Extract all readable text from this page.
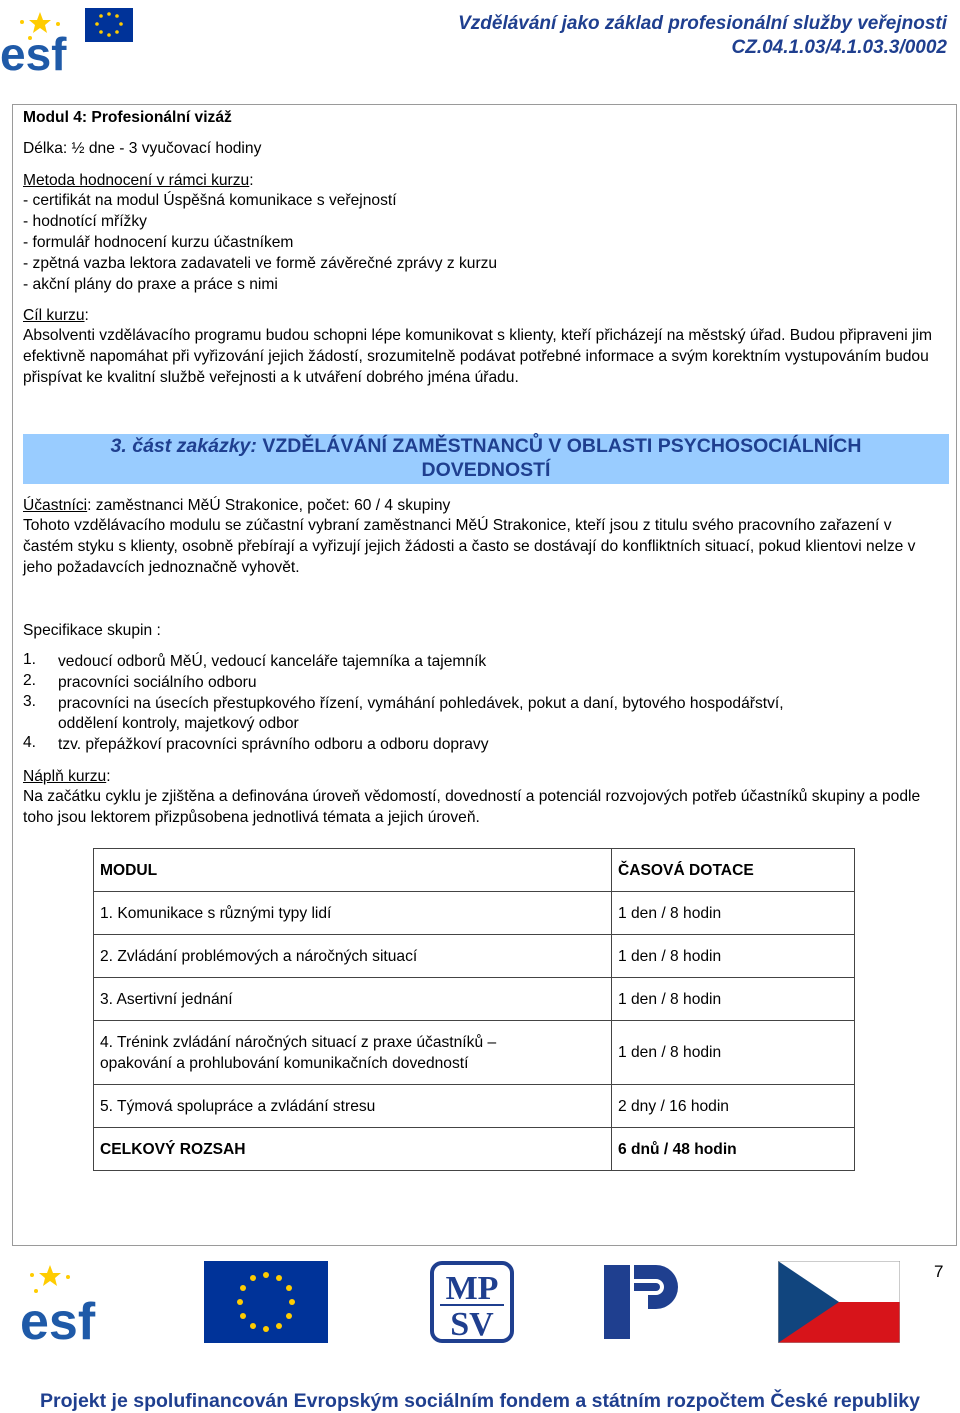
esf
Vzdělávání jako základ profesionální služby veřejnosti
CZ.04.1.03/4.1.03.3/0002
Modul 4: Profesionální vizáž
Délka: ½ dne - 3 vyučovací hodiny
Metoda hodnocení v rámci kurzu:
- certifikát na modul Úspěšná komunikace s veřejností
- hodnotící mřížky
- formulář hodnocení kurzu účastníkem
- zpětná vazba lektora zadavateli ve formě závěrečné zprávy z kurzu
- akční plány do praxe a práce s nimi
Cíl kurzu:
Absolventi vzdělávacího programu budou schopni lépe komunikovat s klienty, kteří přicházejí na městský úřad. Budou připraveni jim efektivně napomáhat při vyřizování jejich žádostí, srozumitelně podávat potřebné informace a svým korektním vystupováním budou přispívat ke kvalitní službě veřejnosti a k utváření dobrého jména úřadu.
3. část zakázky: VZDĚLÁVÁNÍ ZAMĚSTNANCŮ V OBLASTI PSYCHOSOCIÁLNÍCH
DOVEDNOSTÍ
Účastníci: zaměstnanci MěÚ Strakonice, počet: 60 / 4 skupiny
Tohoto vzdělávacího modulu se zúčastní vybraní zaměstnanci MěÚ Strakonice, kteří jsou z titulu svého pracovního zařazení v častém styku s klienty, osobně přebírají a vyřizují jejich žádosti a často se dostávají do konfliktních situací, pokud klientovi nelze v jeho požadavcích jednoznačně vyhovět.
Specifikace skupin :
1. vedoucí odborů MěÚ, vedoucí kanceláře tajemníka a tajemník
2. pracovníci sociálního odboru
3. pracovníci na úsecích přestupkového řízení, vymáhání pohledávek, pokut a daní, bytového hospodářství,
oddělení kontroly, majetkový odbor
4. tzv. přepážkoví pracovníci správního odboru a odboru dopravy
Náplň kurzu:
Na začátku cyklu je zjištěna a definována úroveň vědomostí, dovedností a potenciál rozvojových potřeb účastníků skupiny a podle toho jsou lektorem přizpůsobena jednotlivá témata a jejich úroveň.
MODUL	ČASOVÁ DOTACE
1. Komunikace s různými typy lidí	1 den / 8 hodin
2. Zvládání problémových a náročných situací	1 den / 8 hodin
3. Asertivní jednání	1 den / 8 hodin

4. Trénink zvládání náročných situací z praxe účastníků –
opakování a prohlubování komunikačních dovedností	1 den / 8 hodin
5. Týmová spolupráce a zvládání stresu	2 dny / 16 hodin
CELKOVÝ ROZSAH	6 dnů / 48 hodin
7
esf
MP
SV
Projekt je spolufinancován Evropským sociálním fondem a státním rozpočtem České republiky
